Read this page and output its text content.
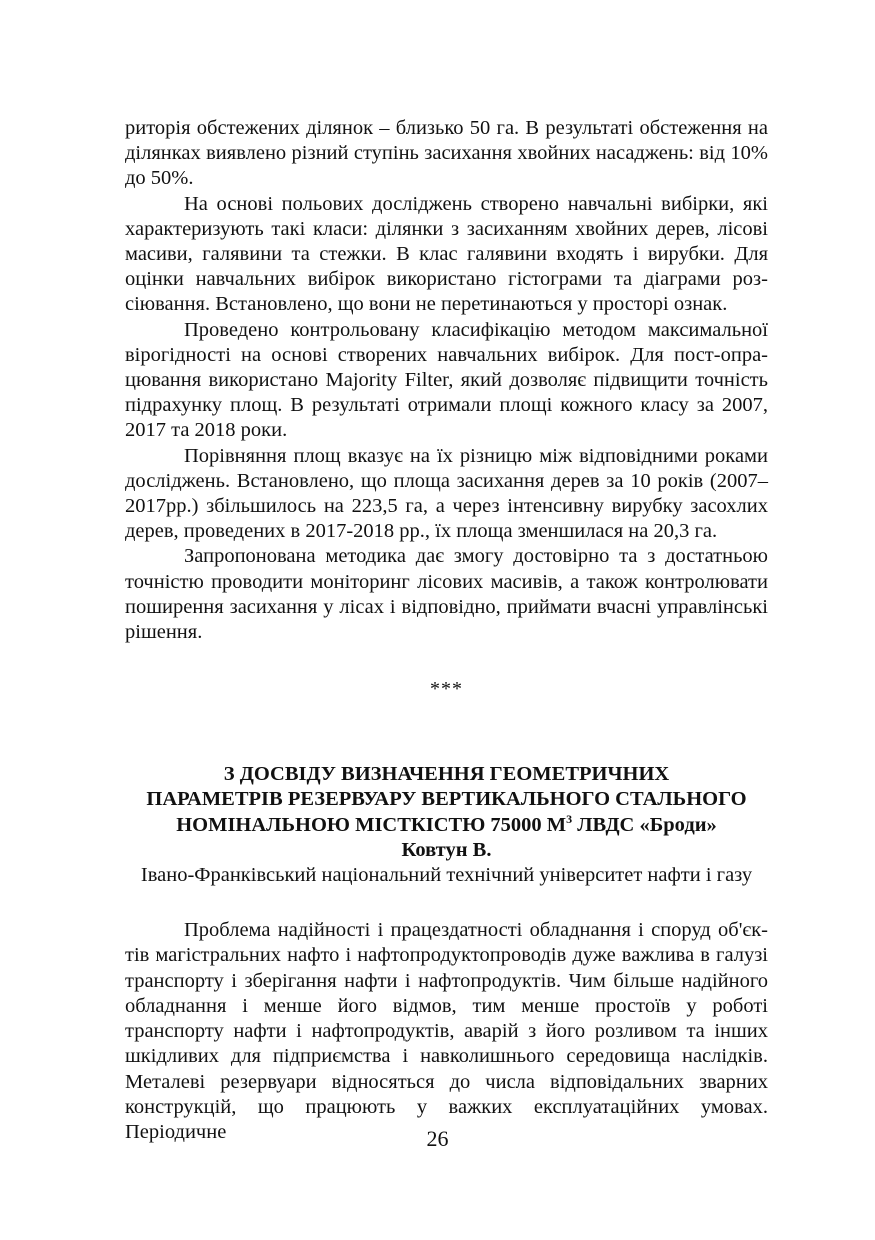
риторія обстежених ділянок – близько 50 га. В результаті обстеження на ділянках виявлено різний ступінь засихання хвойних насаджень: від 10% до 50%.

На основі польових досліджень створено навчальні вибірки, які характеризують такі класи: ділянки з засиханням хвойних дерев, лісові масиви, галявини та стежки. В клас галявини входять і вирубки. Для оцінки навчальних вибірок використано гістограми та діаграми розсіювання. Встановлено, що вони не перетинаються у просторі ознак.

Проведено контрольовану класифікацію методом максимальної вірогідності на основі створених навчальних вибірок. Для пост-опрацювання використано Majority Filter, який дозволяє підвищити точність підрахунку площ. В результаті отримали площі кожного класу за 2007, 2017 та 2018 роки.

Порівняння площ вказує на їх різницю між відповідними роками досліджень. Встановлено, що площа засихання дерев за 10 років (2007–2017рр.) збільшилось на 223,5 га, а через інтенсивну вирубку засохлих дерев, проведених в 2017-2018 рр., їх площа зменшилася на 20,3 га.

Запропонована методика дає змогу достовірно та з достатньою точністю проводити моніторинг лісових масивів, а також контролювати поширення засихання у лісах і відповідно, приймати вчасні управлінські рішення.

***

З ДОСВІДУ ВИЗНАЧЕННЯ ГЕОМЕТРИЧНИХ

ПАРАМЕТРІВ РЕЗЕРВУАРУ ВЕРТИКАЛЬНОГО СТАЛЬНОГО

НОМІНАЛЬНОЮ МІСТКІСТЮ 75000 $М^3$ ЛВДС «Броди»

Ковтун В.

Івано-Франківський національний технічний університет нафти і газу

Проблема надійності і працездатності обладнання і споруд об'єктів магістральних нафто і нафтопродуктопроводів дуже важлива в галузі транспорту і зберігання нафти і нафтопродуктів. Чим більше надійного обладнання і менше його відмов, тим менше простоїв у роботі транспорту нафти і нафтопродуктів, аварій з його розливом та інших шкідливих для підприємства і навколишнього середовища наслідків. Металеві резервуари відносяться до числа відповідальних зварних конструкцій, що працюють у важких експлуатаційних умовах. Періодичне	26
